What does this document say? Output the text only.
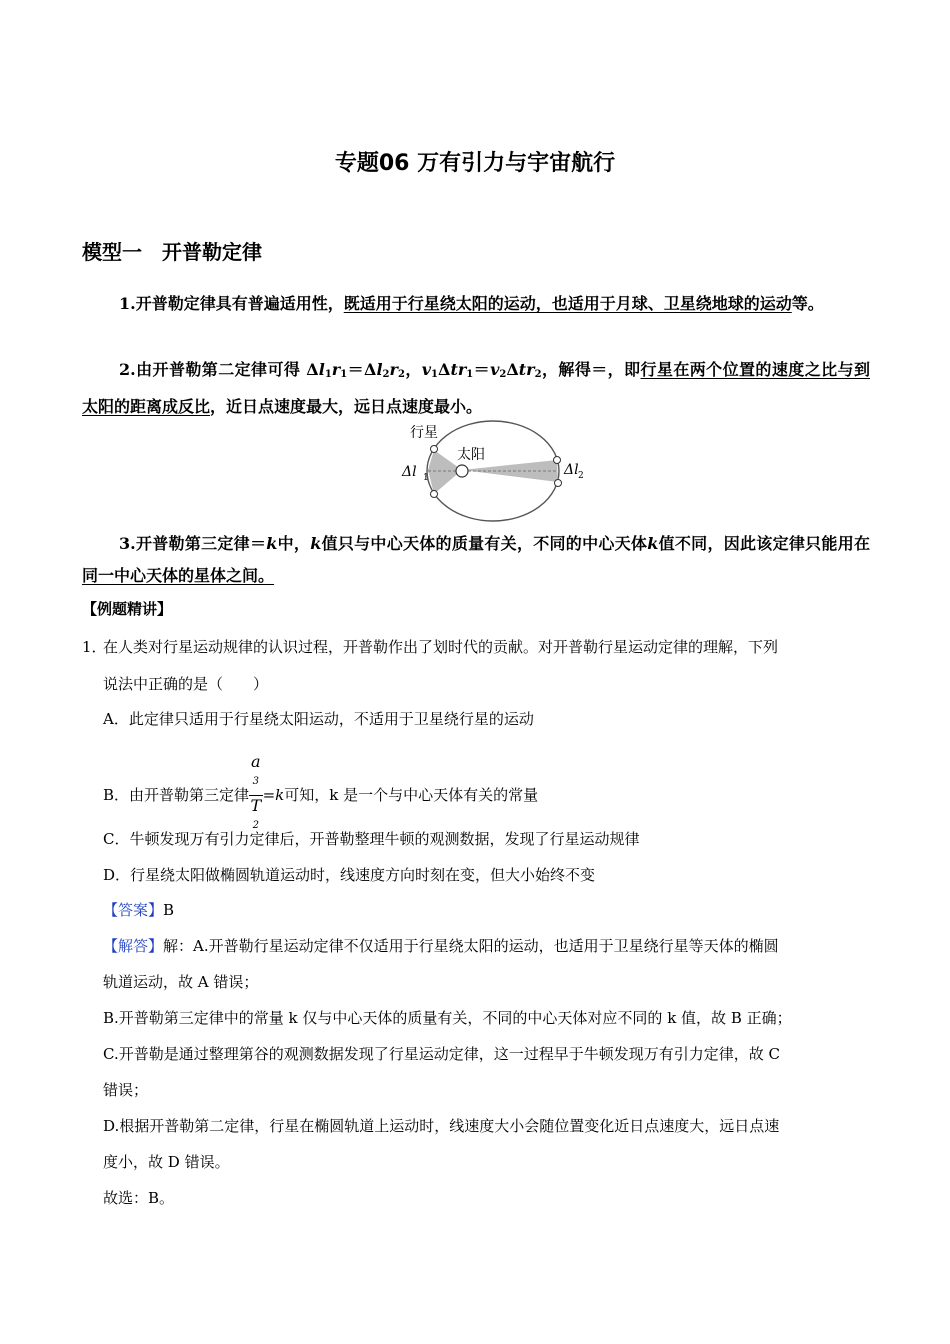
专题06 万有引力与宇宙航行
模型一　开普勒定律
1.开普勒定律具有普遍适用性，既适用于行星绕太阳的运动，也适用于月球、卫星绕地球的运动等。
2.由开普勒第二定律可得 $\Delta l_1r_1=\Delta l_2r_2$，$v_1\Delta tr_1=v_2\Delta tr_2$，解得＝，即行星在两个位置的速度之比与到太阳的距离成反比，近日点速度最大，远日点速度最小。
行星
太阳
Δl 1	Δl 2
3.开普勒第三定律＝k中，k值只与中心天体的质量有关，不同的中心天体k值不同，因此该定律只能用在同一中心天体的星体之间。
【例题精讲】
1．
在人类对行星运动规律的认识过程，开普勒作出了划时代的贡献。对开普勒行星运动定律的理解，下列
说法中正确的是（　　）
A．此定律只适用于行星绕太阳运动，不适用于卫星绕行星的运动
B．由开普勒第三定律 a
$^3$
T
$^2$ =k可知，k 是一个与中心天体有关的常量
C．牛顿发现万有引力定律后，开普勒整理牛顿的观测数据，发现了行星运动规律
D．行星绕太阳做椭圆轨道运动时，线速度方向时刻在变，但大小始终不变
【答案】B
【解答】解：A.开普勒行星运动定律不仅适用于行星绕太阳的运动，也适用于卫星绕行星等天体的椭圆
轨道运动，故 A 错误；
B.开普勒第三定律中的常量 k 仅与中心天体的质量有关，不同的中心天体对应不同的 k 值，故 B 正确；
C.开普勒是通过整理第谷的观测数据发现了行星运动定律，这一过程早于牛顿发现万有引力定律，故 C
错误；
D.根据开普勒第二定律，行星在椭圆轨道上运动时，线速度大小会随位置变化近日点速度大，远日点速
度小，故 D 错误。
故选：B。
